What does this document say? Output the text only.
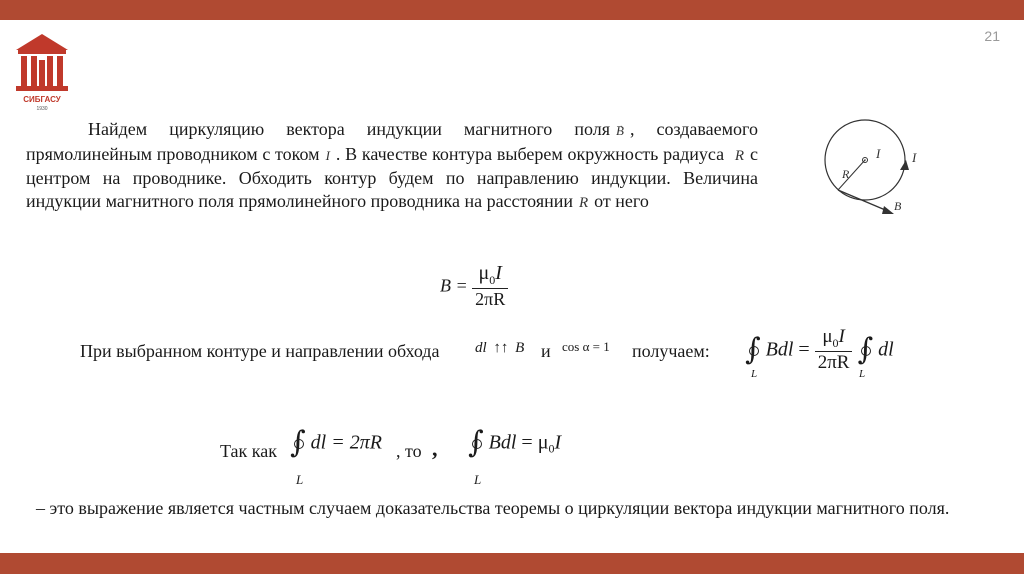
21
СИБГАСУ
1930
Найдем циркуляцию вектора индукции магнитного поля→ B , создаваемого прямолинейным проводником с током I . В качестве контура выберем окружность радиуса R с центром на проводнике. Обходить контур будем по направлению индукции. Величина индукции магнитного поля прямолинейного проводника на расстоянии R от него
I I
R
B
$B = \frac{\mu_0I}{2\pi R}$
При выбранном контуре и направлении обхода dl ↑↑ B и cos α = 1 получаем: ∫ Bdl = $\frac{\mu_0I}{2\pi R}$ ∫ dl
L	L
Так как ∫ dl = 2πR
L
, то , ∫ Bdl = $\mu_0I$
L
– это выражение является частным случаем доказательства теоремы о циркуляции вектора индукции магнитного поля.
